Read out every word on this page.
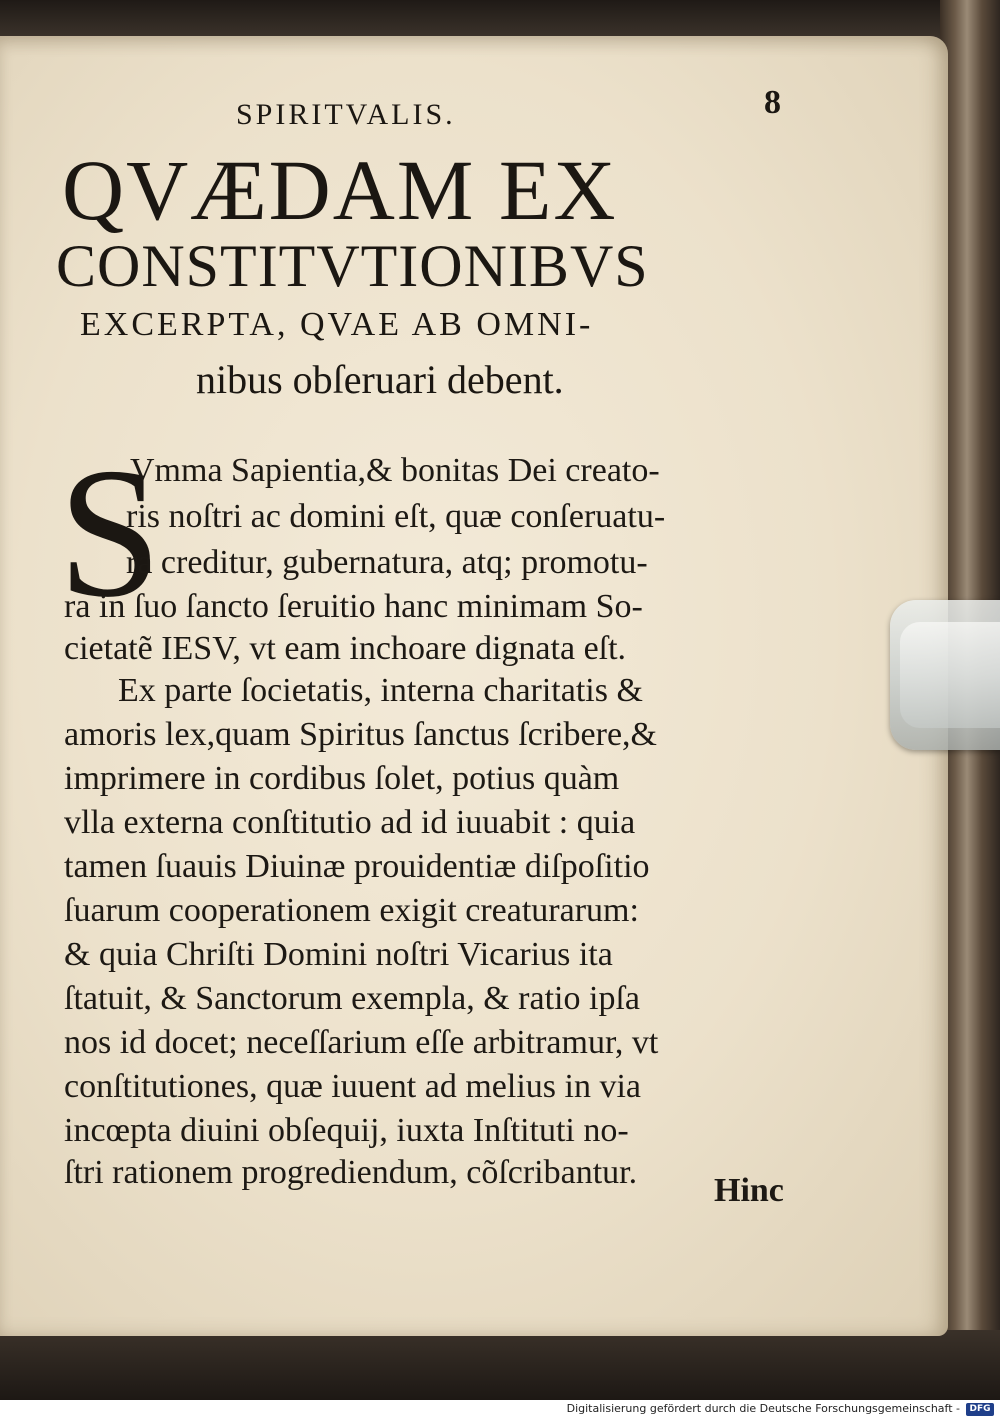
SPIRITVALIS.	8
QVÆDAM EX
CONSTITVTIONIBVS
EXCERPTA, QVAE AB OMNI-
nibus obſeruari debent.
S
Vmma Sapientia,& bonitas Dei creato-
ris noſtri ac domini eſt, quæ conſeruatu-
ra creditur, gubernatura, atq; promotu-
ra in ſuo ſancto ſeruitio hanc minimam So-
cietatẽ IESV, vt eam inchoare dignata eſt.
Ex parte ſocietatis, interna charitatis &
amoris lex,quam Spiritus ſanctus ſcribere,&
imprimere in cordibus ſolet, potius quàm
vlla externa conſtitutio ad id iuuabit : quia
tamen ſuauis Diuinæ prouidentiæ diſpoſitio
ſuarum cooperationem exigit creaturarum:
& quia Chriſti Domini noſtri Vicarius ita
ſtatuit, & Sanctorum exempla, & ratio ipſa
nos id docet; neceſſarium eſſe arbitramur, vt
conſtitutiones, quæ iuuent ad melius in via
incœpta diuini obſequij, iuxta Inſtituti no-
ſtri rationem progrediendum, cõſcribantur. Hinc
Digitalisierung gefördert durch die Deutsche Forschungsgemeinschaft -	DFG
